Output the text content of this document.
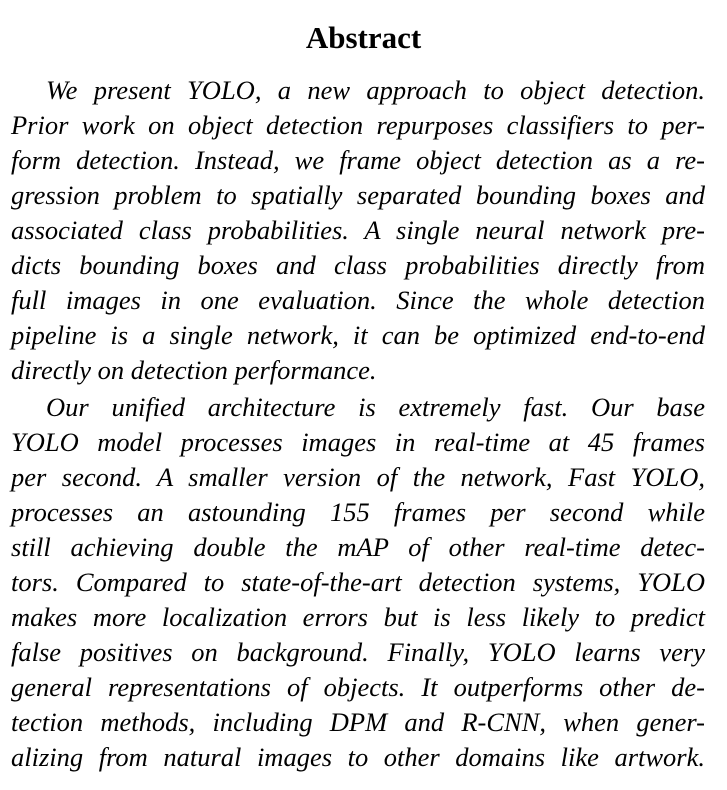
Abstract
We present YOLO, a new approach to object detection.
Prior work on object detection repurposes classifiers to per-
form detection. Instead, we frame object detection as a re-
gression problem to spatially separated bounding boxes and
associated class probabilities. A single neural network pre-
dicts bounding boxes and class probabilities directly from
full images in one evaluation. Since the whole detection
pipeline is a single network, it can be optimized end-to-end
directly on detection performance.
Our unified architecture is extremely fast. Our base
YOLO model processes images in real-time at 45 frames
per second. A smaller version of the network, Fast YOLO,
processes an astounding 155 frames per second while
still achieving double the mAP of other real-time detec-
tors. Compared to state-of-the-art detection systems, YOLO
makes more localization errors but is less likely to predict
false positives on background. Finally, YOLO learns very
general representations of objects. It outperforms other de-
tection methods, including DPM and R-CNN, when gener-
alizing from natural images to other domains like artwork.
